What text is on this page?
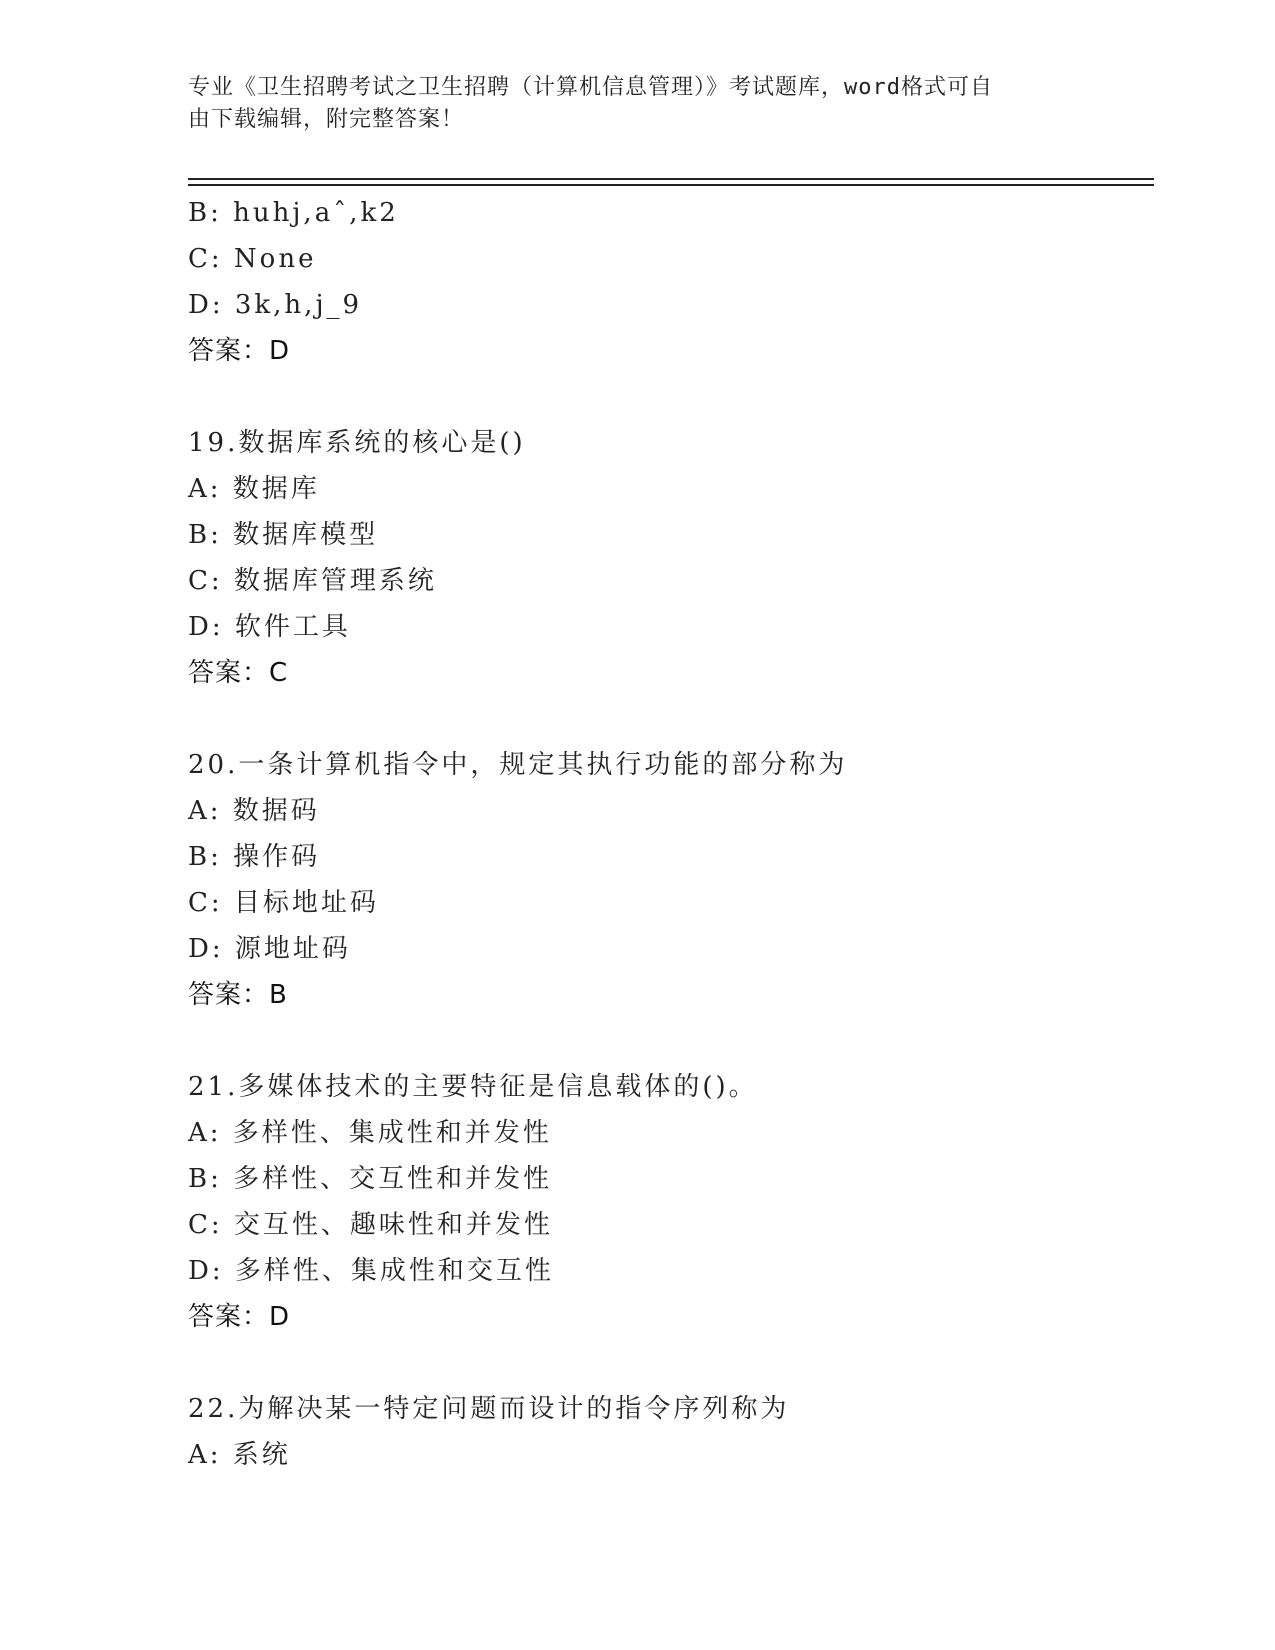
专业《卫生招聘考试之卫生招聘（计算机信息管理）》考试题库，word格式可自
由下载编辑，附完整答案！
B: huhj,aˆ,k2
C: None
D: 3k,h,j_9
答案：D
19.数据库系统的核心是()
A: 数据库
B: 数据库模型
C: 数据库管理系统
D: 软件工具
答案：C
20.一条计算机指令中，规定其执行功能的部分称为
A: 数据码
B: 操作码
C: 目标地址码
D: 源地址码
答案：B
21.多媒体技术的主要特征是信息载体的()。
A: 多样性、集成性和并发性
B: 多样性、交互性和并发性
C: 交互性、趣味性和并发性
D: 多样性、集成性和交互性
答案：D
22.为解决某一特定问题而设计的指令序列称为
A: 系统
